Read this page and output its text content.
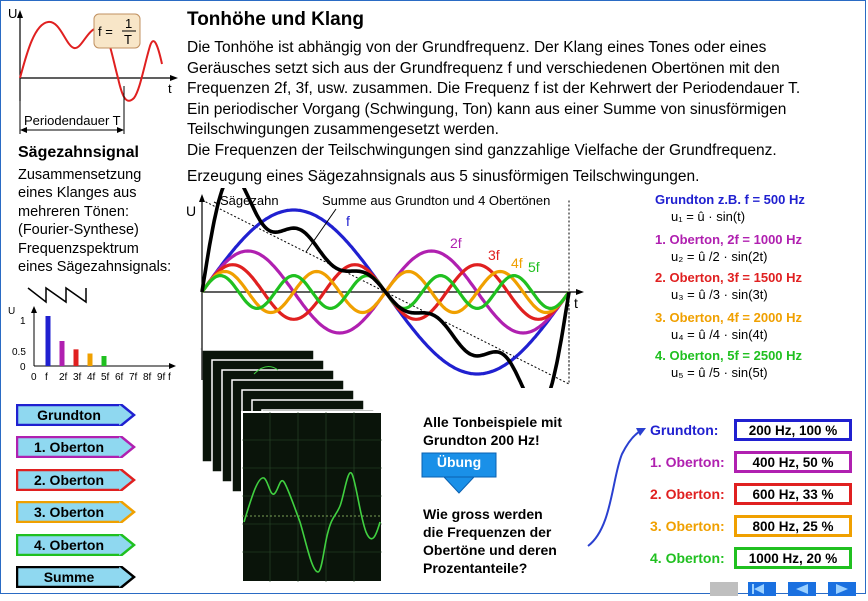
U
t
Periodendauer T
f =
1
T
Tonhöhe und Klang
Die Tonhöhe ist abhängig von der Grundfrequenz. Der Klang eines Tones oder eines
Geräusches setzt sich aus der Grundfrequenz f und verschiedenen Obertönen mit den
Frequenzen 2f, 3f, usw. zusammen. Die Frequenz f ist der Kehrwert der Periodendauer T.
Ein periodischer Vorgang (Schwingung, Ton) kann aus einer Summe von sinusförmigen
Teilschwingungen zusammengesetzt werden.
Die Frequenzen der Teilschwingungen sind ganzzahlige Vielfache der Grundfrequenz.
Erzeugung eines Sägezahnsignals aus 5 sinusförmigen Teilschwingungen.
Sägezahnsignal
Zusammensetzung
eines Klanges aus
mehreren Tönen:
(Fourier-Synthese)
Frequenzspektrum
eines Sägezahnsignals:
U
f
1
0.5
0
0 f 2f 3f 4f 5f 6f 7f 8f 9f
Grundton
1. Oberton
2. Oberton
3. Oberton
4. Oberton
Summe
U
t
Sägezahn	Summe aus Grundton und 4 Obertönen
f
2f
3f 4f 5f
Grundton z.B. f = 500 Hz
u₁ = û · sin(t)
1. Oberton, 2f = 1000 Hz
u₂ = û /2 · sin(2t)
2. Oberton, 3f = 1500 Hz
u₃ = û /3 · sin(3t)
3. Oberton, 4f = 2000 Hz
u₄ = û /4 · sin(4t)
4. Oberton, 5f = 2500 Hz
u₅ = û /5 · sin(5t)
Alle Tonbeispiele mit
Grundton 200 Hz!
Übung
Wie gross werden
die Frequenzen der
Obertöne und deren
Prozentanteile?
Grundton:	200 Hz, 100 %
1. Oberton:	400 Hz, 50 %
2. Oberton:	600 Hz, 33 %
3. Oberton:	800 Hz, 25 %
4. Oberton:	1000 Hz, 20 %
